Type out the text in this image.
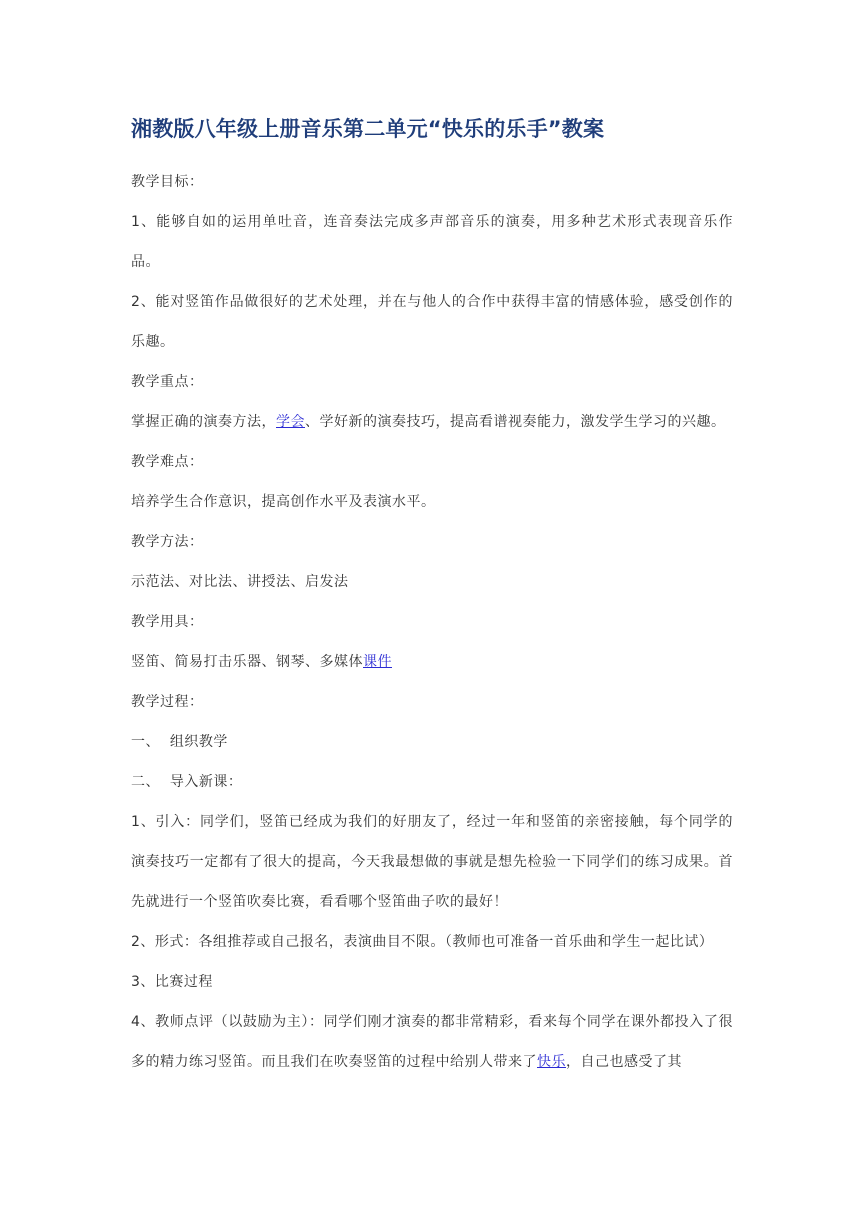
湘教版八年级上册音乐第二单元“快乐的乐手”教案

教学目标：

1、能够自如的运用单吐音，连音奏法完成多声部音乐的演奏，用多种艺术形式表现音乐作品。

2、能对竖笛作品做很好的艺术处理，并在与他人的合作中获得丰富的情感体验，感受创作的乐趣。

教学重点：

掌握正确的演奏方法，学会、学好新的演奏技巧，提高看谱视奏能力，激发学生学习的兴趣。

教学难点：

培养学生合作意识，提高创作水平及表演水平。

教学方法：

示范法、对比法、讲授法、启发法

教学用具：

竖笛、简易打击乐器、钢琴、多媒体课件

教学过程：

一、  组织教学

二、  导入新课：

1、引入：同学们，竖笛已经成为我们的好朋友了，经过一年和竖笛的亲密接触，每个同学的演奏技巧一定都有了很大的提高，今天我最想做的事就是想先检验一下同学们的练习成果。首先就进行一个竖笛吹奏比赛，看看哪个竖笛曲子吹的最好！

2、形式：各组推荐或自己报名，表演曲目不限。（教师也可准备一首乐曲和学生一起比试）

3、比赛过程

4、教师点评（以鼓励为主）：同学们刚才演奏的都非常精彩，看来每个同学在课外都投入了很多的精力练习竖笛。而且我们在吹奏竖笛的过程中给别人带来了快乐，自己也感受了其
